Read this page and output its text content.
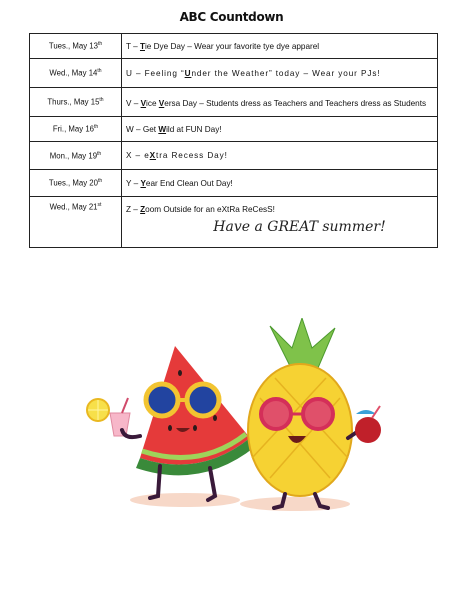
ABC Countdown
Tues., May 13th	T – Tie Dye Day – Wear your favorite tye dye apparel
Wed., May 14th	U – Feeling “Under the Weather” today – Wear your PJs!
Thurs., May 15th	V – Vice Versa Day – Students dress as Teachers and Teachers dress as Students
Fri., May 16th	W – Get Wild at FUN Day!
Mon., May 19th	X – eXtra Recess Day!
Tues., May 20th	Y – Year End Clean Out Day!
Wed., May 21st	Z – Zoom Outside for an eXtRa ReCesS!
Have a GREAT summer!
